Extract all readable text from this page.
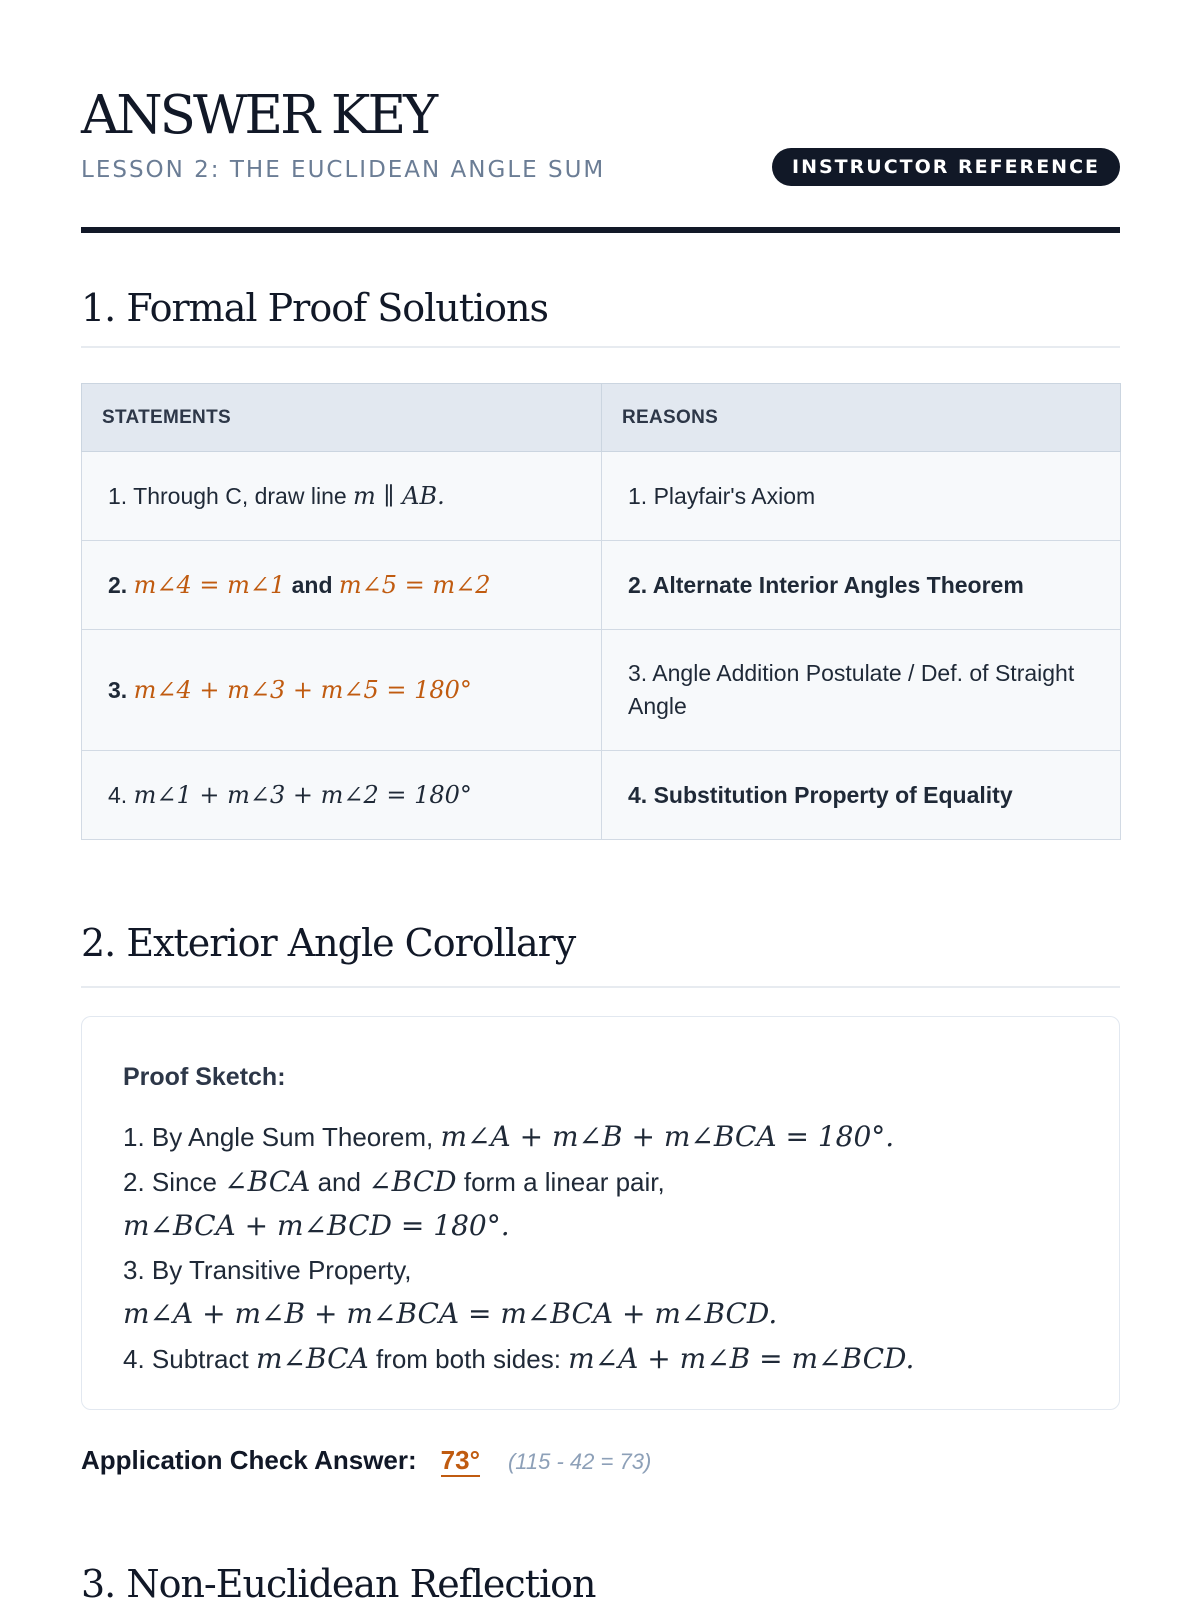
ANSWER KEY
LESSON 2: THE EUCLIDEAN ANGLE SUM	INSTRUCTOR REFERENCE
1. Formal Proof Solutions
STATEMENTS	REASONS
1. Through C, draw line m ∥ AB.	1. Playfair's Axiom
2. m∠4 = m∠1 and m∠5 = m∠2	2. Alternate Interior Angles Theorem
3. m∠4 + m∠3 + m∠5 = 180°	3. Angle Addition Postulate / Def. of Straight Angle
4. m∠1 + m∠3 + m∠2 = 180°	4. Substitution Property of Equality
2. Exterior Angle Corollary
Proof Sketch:
1. By Angle Sum Theorem, m∠A + m∠B + m∠BCA = 180°.
2. Since ∠BCA and ∠BCD form a linear pair,
m∠BCA + m∠BCD = 180°.
3. By Transitive Property,
m∠A + m∠B + m∠BCA = m∠BCA + m∠BCD.
4. Subtract m∠BCA from both sides: m∠A + m∠B = m∠BCD.
Application Check Answer: 73° (115 - 42 = 73)
3. Non-Euclidean Reflection
